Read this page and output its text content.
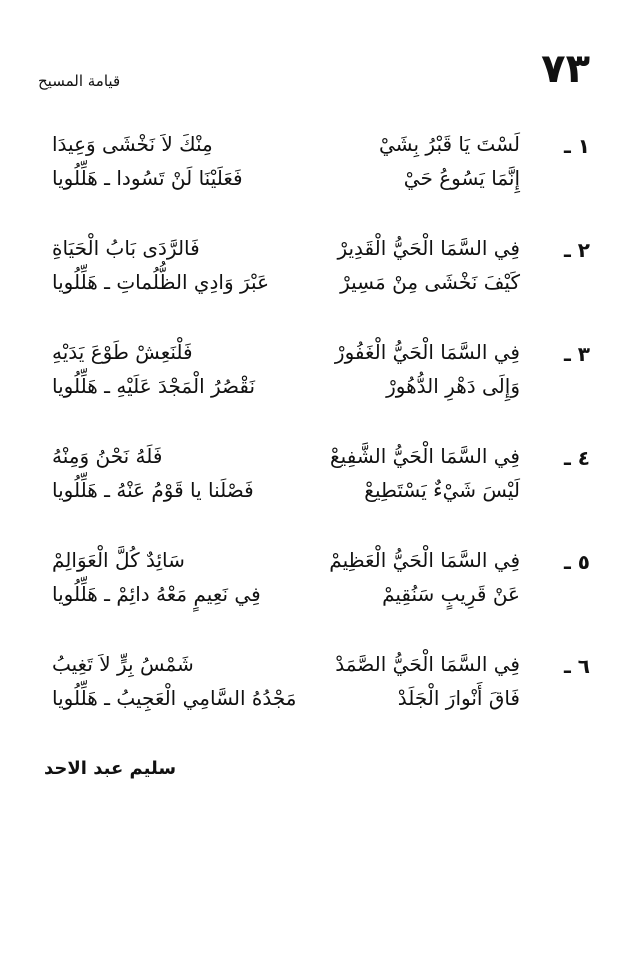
٧٣
قيامة المسيح
١ ـ
لَسْتَ يَا قَبْرُ بِشَيْ
مِنْكَ لاَ نَخْشَى وَعِيدَا
إِنَّمَا يَسُوعُ حَيْ
فَعَلَيْنَا لَنْ تَسُودا ـ هَلِّلُويا
٢ ـ
فِي السَّمَا الْحَيُّ الْقَدِيرْ
فَالرَّدَى بَابُ الْحَيَاةِ
كَيْفَ نَخْشَى مِنْ مَسِيرْ
عَبْرَ وَادِي الظُّلُماتِ ـ هَلِّلُويا
٣ ـ
فِي السَّمَا الْحَيُّ الْغَفُورْ
فَلْنَعِشْ طَوْعَ يَدَيْهِ
وَإِلَى دَهْرِ الدُّهُورْ
نَقْصُرُ الْمَجْدَ عَلَيْهِ ـ هَلِّلُويا
٤ ـ
فِي السَّمَا الْحَيُّ الشَّفِيعْ
فَلَهُ نَحْنُ وَمِنْهُ
لَيْسَ شَيْءٌ يَسْتَطِيعْ
فَصْلَنا يا قَوْمُ عَنْهُ ـ هَلِّلُويا
٥ ـ
فِي السَّمَا الْحَيُّ الْعَظِيمْ
سَائِدٌ كُلَّ الْعَوَالِمْ
عَنْ قَرِيبٍ سَنُقِيمْ
فِي نَعِيمٍ مَعْهُ دائِمْ ـ هَلِّلُويا
٦ ـ
فِي السَّمَا الْحَيُّ الصَّمَدْ
شَمْسُ بِرٍّ لاَ تَغِيبُ
فَاقَ أَنْوارَ الْجَلَدْ
مَجْدُهُ السَّامِي الْعَجِيبُ ـ هَلِّلُويا
سليم عبد الاحد
